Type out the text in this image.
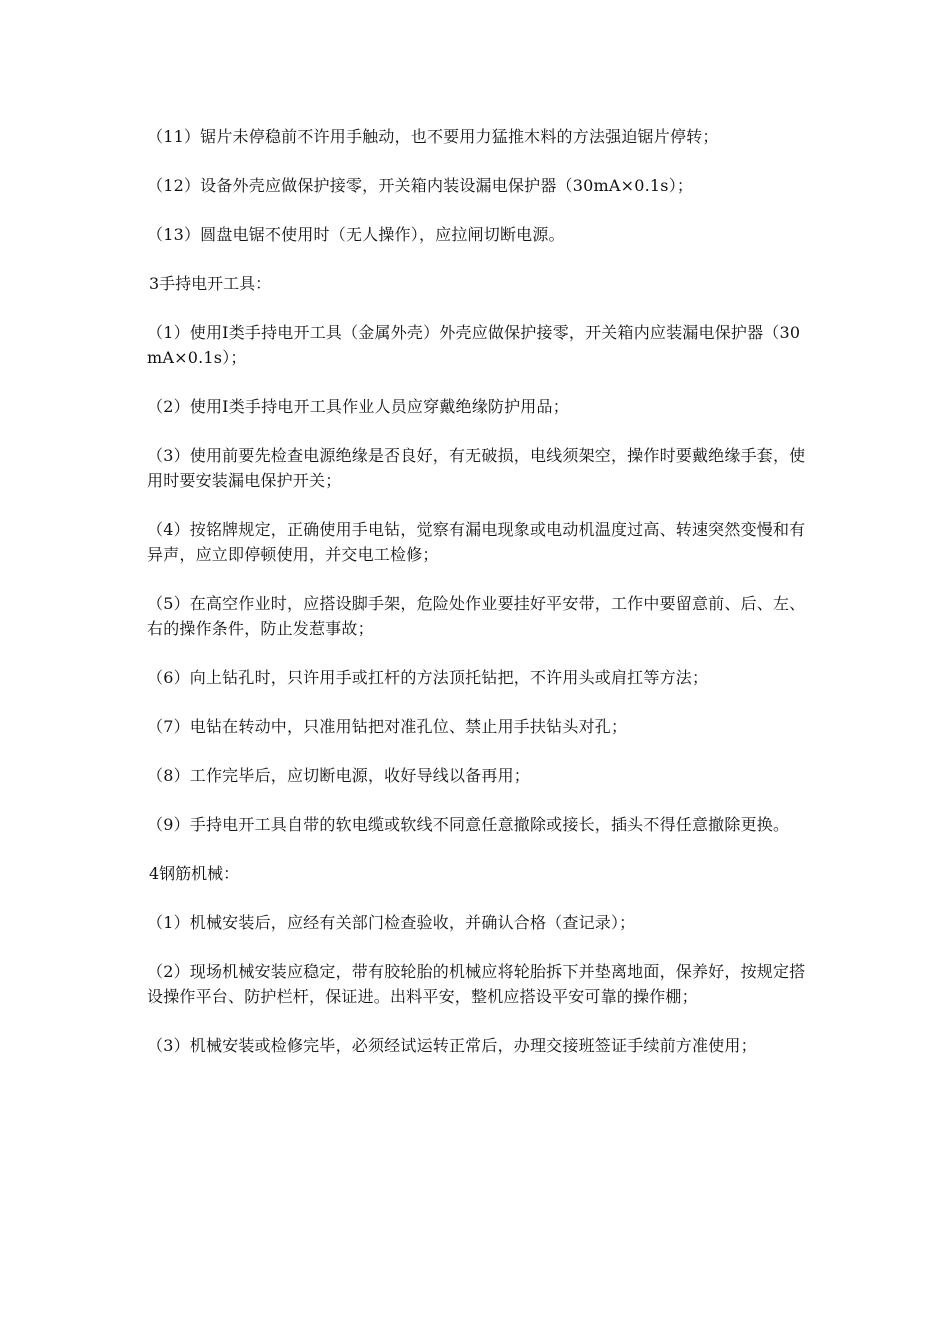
（11）锯片未停稳前不许用手触动，也不要用力猛推木料的方法强迫锯片停转；

（12）设备外壳应做保护接零，开关箱内装设漏电保护器（30mA×0.1s）；

（13）圆盘电锯不使用时（无人操作），应拉闸切断电源。

3手持电开工具：

（1）使用Ⅰ类手持电开工具（金属外壳）外壳应做保护接零，开关箱内应装漏电保护器（30mA×0.1s）；

（2）使用Ⅰ类手持电开工具作业人员应穿戴绝缘防护用品；

（3）使用前要先检查电源绝缘是否良好，有无破损，电线须架空，操作时要戴绝缘手套，使用时要安装漏电保护开关；

（4）按铭牌规定，正确使用手电钻，觉察有漏电现象或电动机温度过高、转速突然变慢和有异声，应立即停顿使用，并交电工检修；

（5）在高空作业时，应搭设脚手架，危险处作业要挂好平安带，工作中要留意前、后、左、右的操作条件，防止发惹事故；

（6）向上钻孔时，只许用手或扛杆的方法顶托钻把，不许用头或肩扛等方法；

（7）电钻在转动中，只准用钻把对准孔位、禁止用手扶钻头对孔；

（8）工作完毕后，应切断电源，收好导线以备再用；

（9）手持电开工具自带的软电缆或软线不同意任意撤除或接长，插头不得任意撤除更换。

4钢筋机械：

（1）机械安装后，应经有关部门检查验收，并确认合格（查记录）；

（2）现场机械安装应稳定，带有胶轮胎的机械应将轮胎拆下并垫离地面，保养好，按规定搭设操作平台、防护栏杆，保证进。出料平安，整机应搭设平安可靠的操作棚；

（3）机械安装或检修完毕，必须经试运转正常后，办理交接班签证手续前方准使用；
